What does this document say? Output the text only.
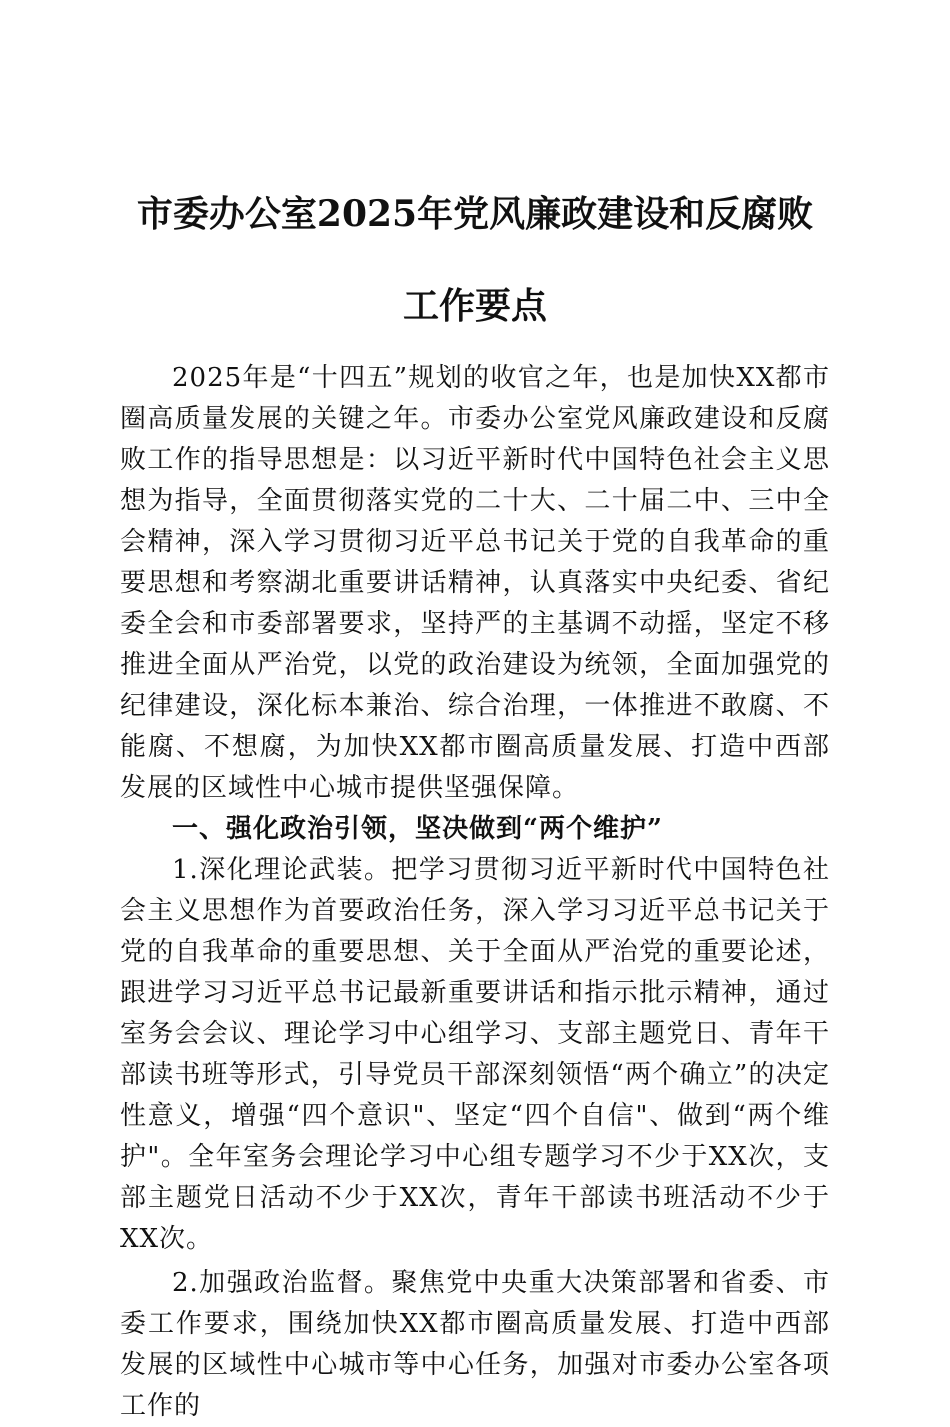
市委办公室2025年党风廉政建设和反腐败工作要点

2025年是“十四五”规划的收官之年，也是加快XX都市圈高质量发展的关键之年。市委办公室党风廉政建设和反腐败工作的指导思想是：以习近平新时代中国特色社会主义思想为指导，全面贯彻落实党的二十大、二十届二中、三中全会精神，深入学习贯彻习近平总书记关于党的自我革命的重要思想和考察湖北重要讲话精神，认真落实中央纪委、省纪委全会和市委部署要求，坚持严的主基调不动摇，坚定不移推进全面从严治党，以党的政治建设为统领，全面加强党的纪律建设，深化标本兼治、综合治理，一体推进不敢腐、不能腐、不想腐，为加快XX都市圈高质量发展、打造中西部发展的区域性中心城市提供坚强保障。

一、强化政治引领，坚决做到“两个维护”

1.深化理论武装。把学习贯彻习近平新时代中国特色社会主义思想作为首要政治任务，深入学习习近平总书记关于党的自我革命的重要思想、关于全面从严治党的重要论述，跟进学习习近平总书记最新重要讲话和指示批示精神，通过室务会会议、理论学习中心组学习、支部主题党日、青年干部读书班等形式，引导党员干部深刻领悟“两个确立”的决定性意义，增强“四个意识"、坚定“四个自信"、做到“两个维护"。全年室务会理论学习中心组专题学习不少于XX次，支部主题党日活动不少于XX次，青年干部读书班活动不少于XX次。

2.加强政治监督。聚焦党中央重大决策部署和省委、市委工作要求，围绕加快XX都市圈高质量发展、打造中西部发展的区域性中心城市等中心任务，加强对市委办公室各项工作的
